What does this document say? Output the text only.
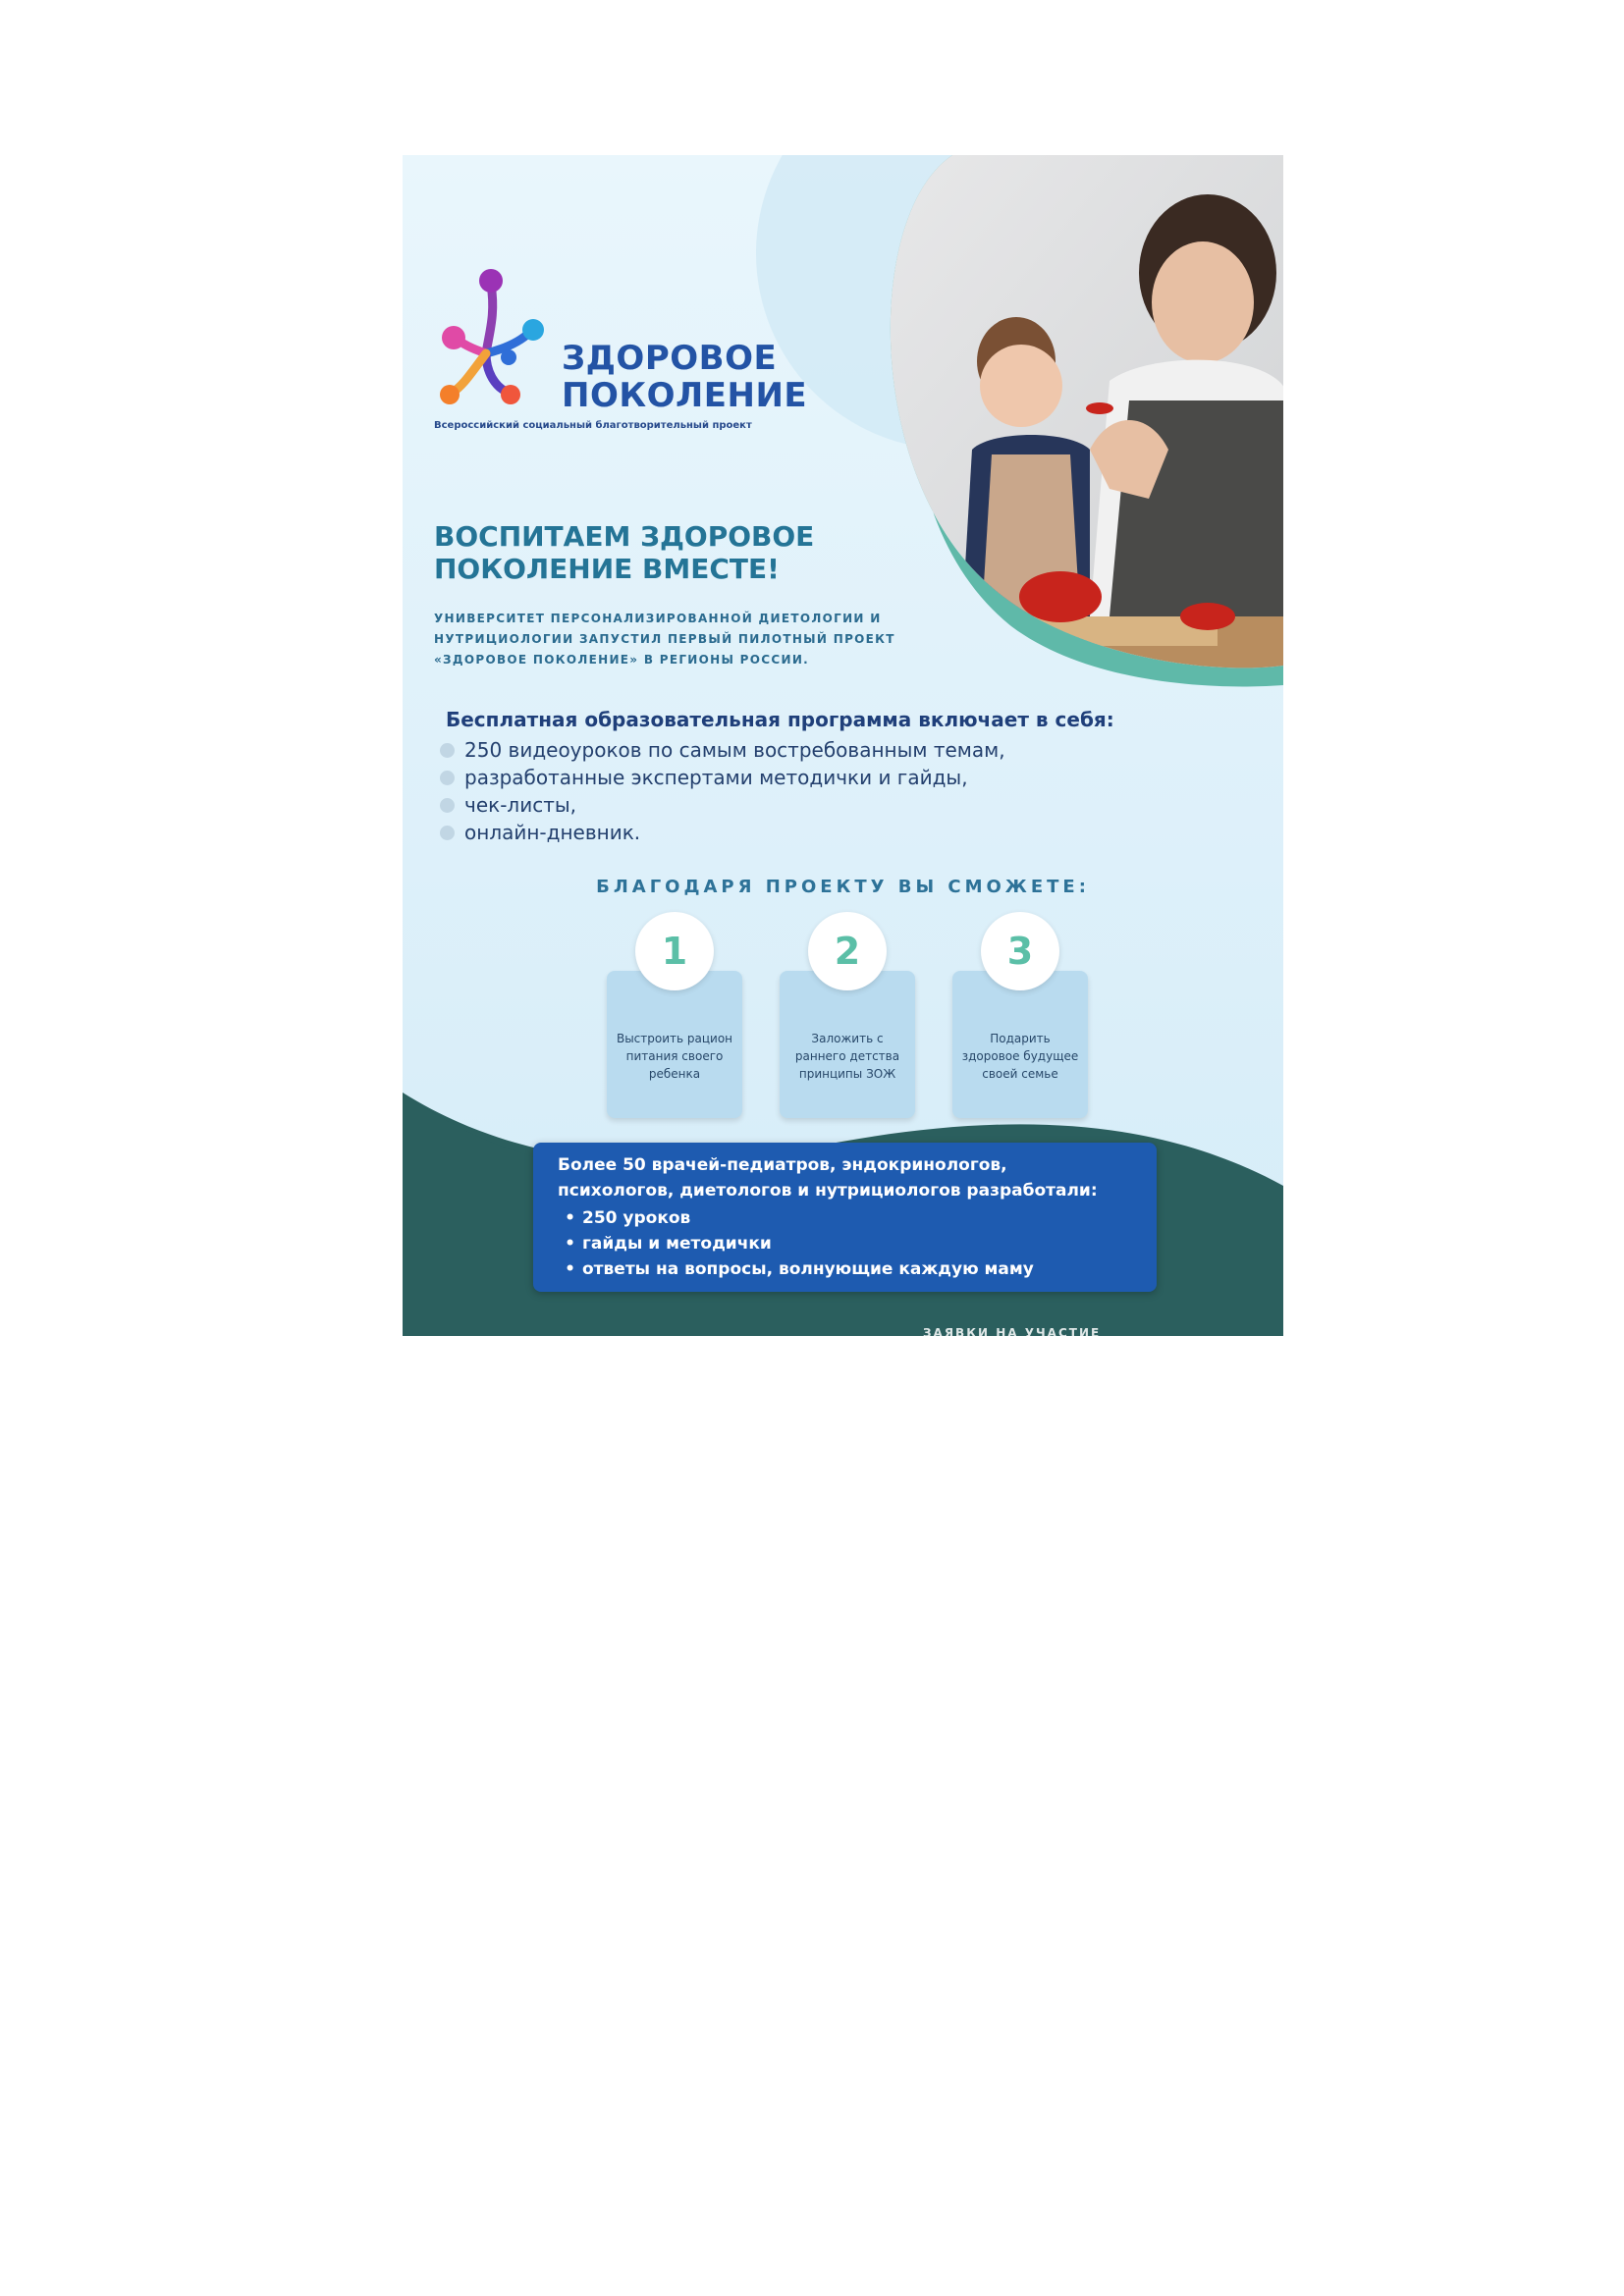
ЗДОРОВОЕ
ПОКОЛЕНИЕ
Всероссийский социальный благотворительный проект
ВОСПИТАЕМ ЗДОРОВОЕ
ПОКОЛЕНИЕ ВМЕСТЕ!
УНИВЕРСИТЕТ ПЕРСОНАЛИЗИРОВАННОЙ ДИЕТОЛОГИИ И
НУТРИЦИОЛОГИИ ЗАПУСТИЛ ПЕРВЫЙ ПИЛОТНЫЙ ПРОЕКТ
«ЗДОРОВОЕ ПОКОЛЕНИЕ» В РЕГИОНЫ РОССИИ.
Бесплатная образовательная программа включает в себя:
250 видеоуроков по самым востребованным темам,
разработанные экспертами методички и гайды,
чек-листы,
онлайн-дневник.
БЛАГОДАРЯ ПРОЕКТУ ВЫ СМОЖЕТЕ:
1
Выстроить рацион питания своего ребенка
2
Заложить с раннего детства принципы ЗОЖ
3
Подарить здоровое будущее своей семье
Более 50 врачей-педиатров, эндокринологов,
психологов, диетологов и нутрициологов разработали:
• 250 уроков
• гайды и методички
• ответы на вопросы, волнующие каждую маму
ЗАЯВКИ НА УЧАСТИЕ
